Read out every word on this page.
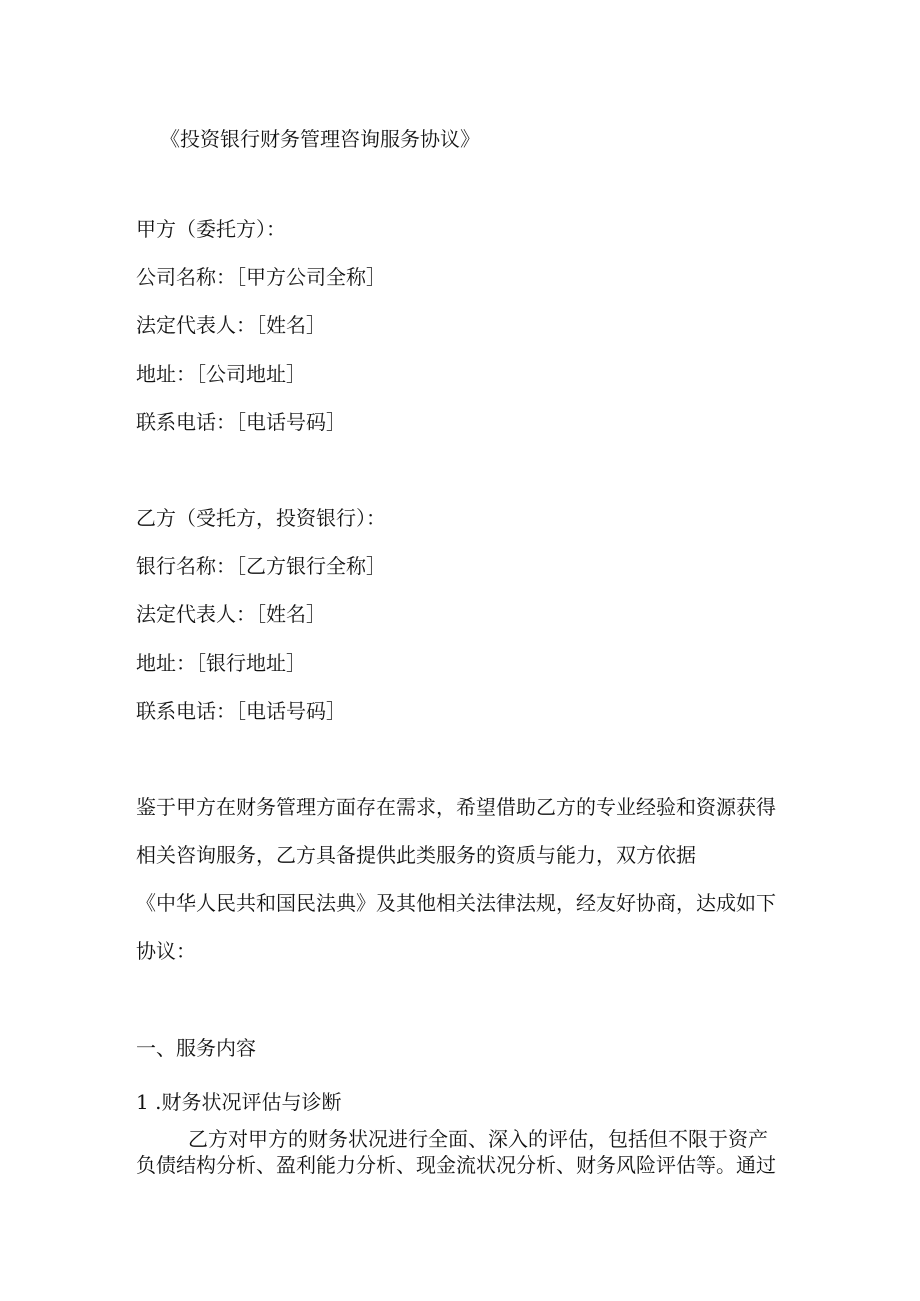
《投资银行财务管理咨询服务协议》
甲方（委托方）：
公司名称：［甲方公司全称］
法定代表人：［姓名］
地址：［公司地址］
联系电话：［电话号码］
乙方（受托方，投资银行）：
银行名称：［乙方银行全称］
法定代表人：［姓名］
地址：［银行地址］
联系电话：［电话号码］
鉴于甲方在财务管理方面存在需求，希望借助乙方的专业经验和资源获得
相关咨询服务，乙方具备提供此类服务的资质与能力，双方依据
《中华人民共和国民法典》及其他相关法律法规，经友好协商，达成如下
协议：
一、服务内容
1 .财务状况评估与诊断
乙方对甲方的财务状况进行全面、深入的评估，包括但不限于资产
负债结构分析、盈利能力分析、现金流状况分析、财务风险评估等。通过
